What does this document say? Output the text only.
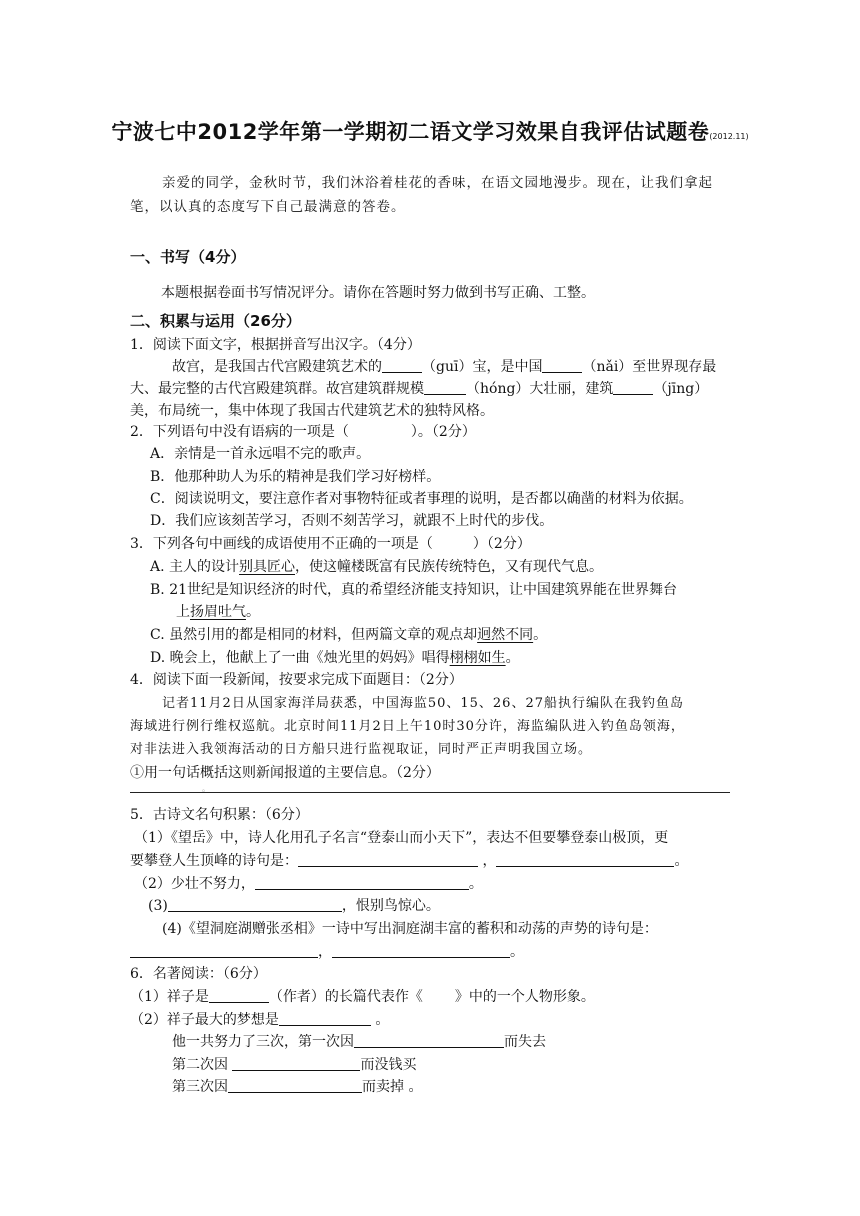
宁波七中2012学年第一学期初二语文学习效果自我评估试题卷(2012.11)
亲爱的同学，金秋时节，我们沐浴着桂花的香味，在语文园地漫步。现在，让我们拿起
笔，以认真的态度写下自己最满意的答卷。
一、书写（4分）
本题根据卷面书写情况评分。请你在答题时努力做到书写正确、工整。
二、积累与运用（26分）
1．阅读下面文字，根据拼音写出汉字。（4分）
故宫，是我国古代宫殿建筑艺术的	（guī）宝，是中国	（nǎi）至世界现存最
大、最完整的古代宫殿建筑群。故宫建筑群规模	（hóng）大壮丽，建筑	（jīng）
美，布局统一，集中体现了我国古代建筑艺术的独特风格。
2．下列语句中没有语病的一项是（	）。（2分）
A．亲情是一首永远唱不完的歌声。
B．他那种助人为乐的精神是我们学习好榜样。
C．阅读说明文，要注意作者对事物特征或者事理的说明，是否都以确凿的材料为依据。
D．我们应该刻苦学习，否则不刻苦学习，就跟不上时代的步伐。
3．下列各句中画线的成语使用不正确的一项是（	）（2分）
A. 主人的设计别具匠心，使这幢楼既富有民族传统特色，又有现代气息。
B. 21世纪是知识经济的时代，真的希望经济能支持知识，让中国建筑界能在世界舞台
上扬眉吐气。
C. 虽然引用的都是相同的材料，但两篇文章的观点却迥然不同。
D. 晚会上，他献上了一曲《烛光里的妈妈》唱得栩栩如生。
4．阅读下面一段新闻，按要求完成下面题目：（2分）
记者11月2日从国家海洋局获悉，中国海监50、15、26、27船执行编队在我钓鱼岛
海域进行例行维权巡航。北京时间11月2日上午10时30分许，海监编队进入钓鱼岛领海，
对非法进入我领海活动的日方船只进行监视取证，同时严正声明我国立场。
①用一句话概括这则新闻报道的主要信息。（2分）
。
5．古诗文名句积累：（6分）
（1）《望岳》中，诗人化用孔子名言“登泰山而小天下”，表达不但要攀登泰山极顶，更
要攀登人生顶峰的诗句是：	，	。
（2）少壮不努力，	。
(3)	，恨别鸟惊心。
(4)《望洞庭湖赠张丞相》一诗中写出洞庭湖丰富的蓄积和动荡的声势的诗句是：
，	。
6．名著阅读：（6分）
（1）祥子是	（作者）的长篇代表作《 》中的一个人物形象。
（2）祥子最大的梦想是	。
他一共努力了三次，第一次因	而失去
第二次因	而没钱买
第三次因	而卖掉 。
